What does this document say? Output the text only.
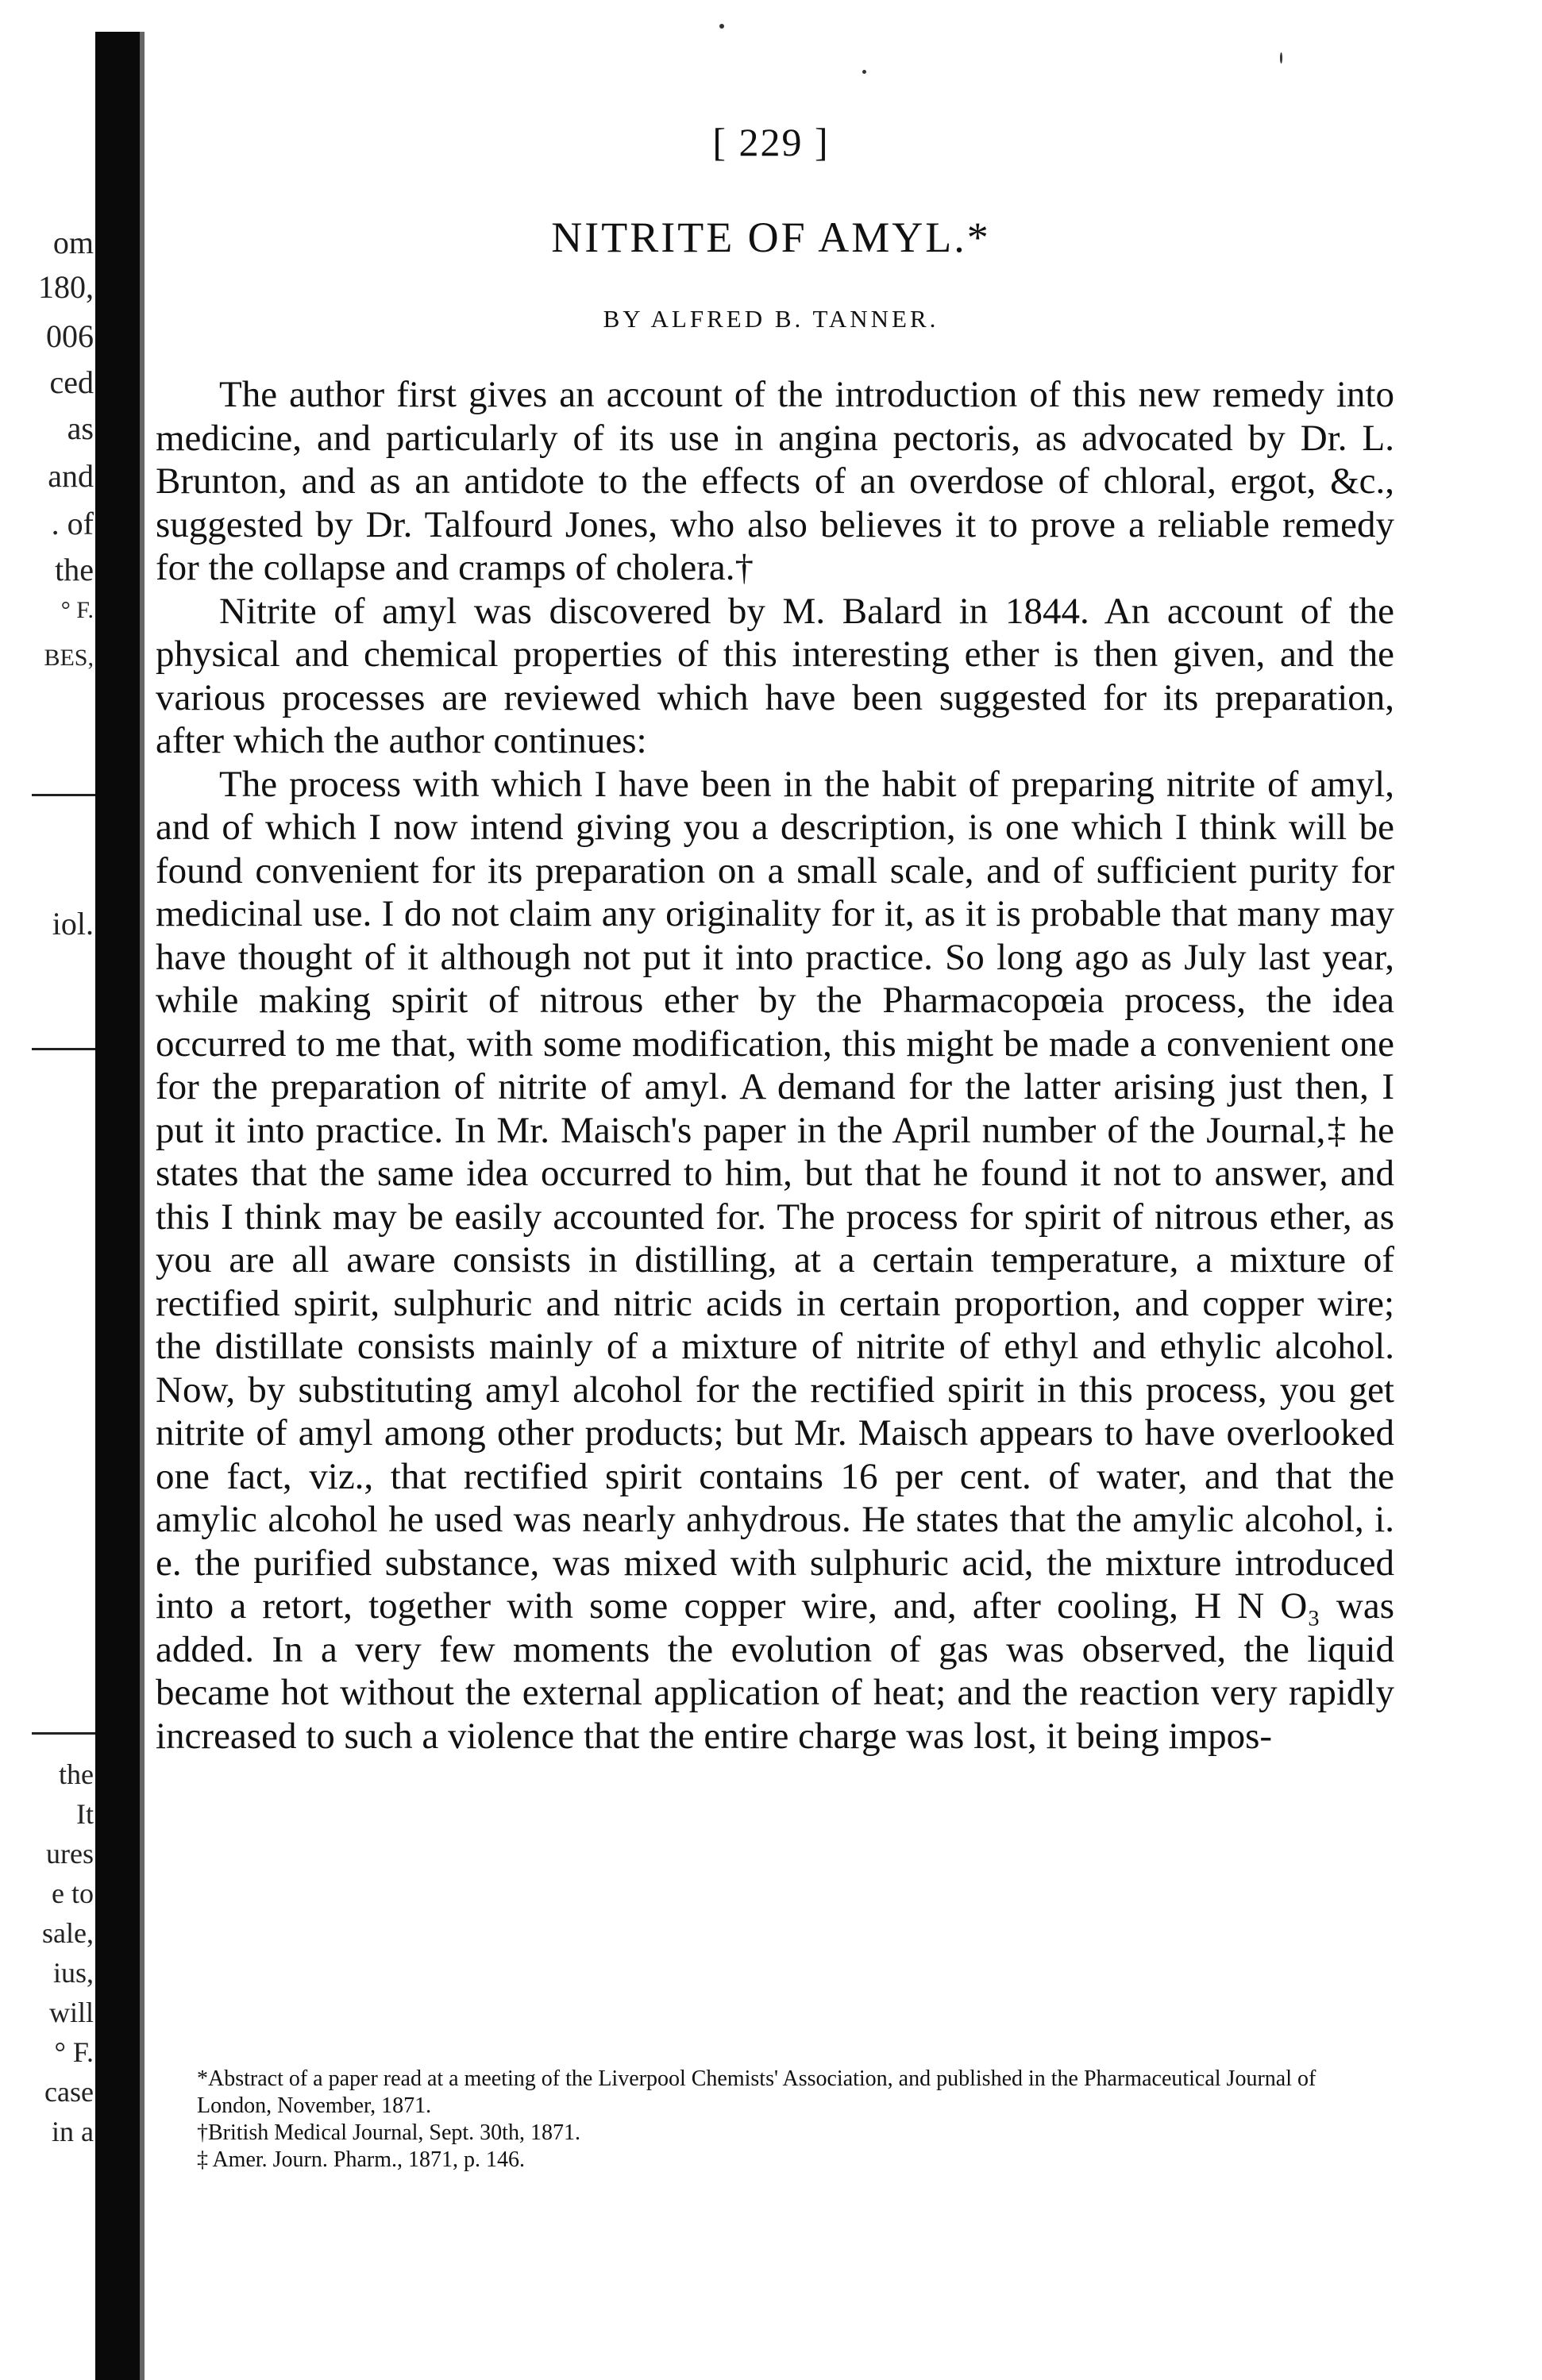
om
180,
006
ced
as
and
. of
the
° F.
BES,
iol.
the
It
ures
e to
sale,
ius,
will
° F.
case
in a
[ 229 ]
NITRITE OF AMYL.*
BY ALFRED B. TANNER.

The author first gives an account of the introduction of this new remedy into medicine, and particularly of its use in angina pectoris, as advocated by Dr. L. Brunton, and as an antidote to the effects of an overdose of chloral, ergot, &c., suggested by Dr. Talfourd Jones, who also believes it to prove a reliable remedy for the collapse and cramps of cholera.†

Nitrite of amyl was discovered by M. Balard in 1844. An account of the physical and chemical properties of this interesting ether is then given, and the various processes are reviewed which have been suggested for its preparation, after which the author continues:

The process with which I have been in the habit of preparing nitrite of amyl, and of which I now intend giving you a description, is one which I think will be found convenient for its preparation on a small scale, and of sufficient purity for medicinal use. I do not claim any originality for it, as it is probable that many may have thought of it although not put it into practice. So long ago as July last year, while making spirit of nitrous ether by the Pharmacopœia process, the idea occurred to me that, with some modification, this might be made a convenient one for the preparation of nitrite of amyl. A demand for the latter arising just then, I put it into practice. In Mr. Maisch's paper in the April number of the Journal,‡ he states that the same idea occurred to him, but that he found it not to answer, and this I think may be easily accounted for. The process for spirit of nitrous ether, as you are all aware consists in distilling, at a certain temperature, a mixture of rectified spirit, sulphuric and nitric acids in certain proportion, and copper wire; the distillate consists mainly of a mixture of nitrite of ethyl and ethylic alcohol. Now, by substituting amyl alcohol for the rectified spirit in this process, you get nitrite of amyl among other products; but Mr. Maisch appears to have overlooked one fact, viz., that rectified spirit contains 16 per cent. of water, and that the amylic alcohol he used was nearly anhydrous. He states that the amylic alcohol, i. e. the purified substance, was mixed with sulphuric acid, the mixture introduced into a retort, together with some copper wire, and, after cooling, H N O₃ was added. In a very few moments the evolution of gas was observed, the liquid became hot without the external application of heat; and the reaction very rapidly increased to such a violence that the entire charge was lost, it being impos-

*Abstract of a paper read at a meeting of the Liverpool Chemists' Association, and published in the Pharmaceutical Journal of London, November, 1871.
†British Medical Journal, Sept. 30th, 1871.
‡ Amer. Journ. Pharm., 1871, p. 146.
